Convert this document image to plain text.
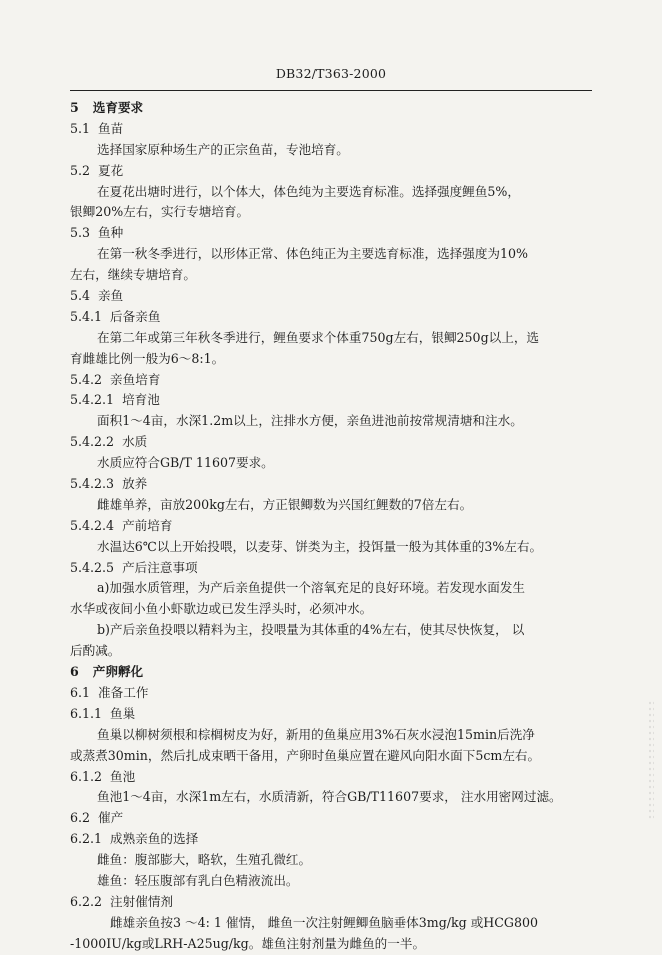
DB32/T363-2000
5 选育要求
5.1 鱼苗
选择国家原种场生产的正宗鱼苗，专池培育。
5.2 夏花
在夏花出塘时进行，以个体大，体色纯为主要选育标准。选择强度鲤鱼5%，
银鲫20%左右，实行专塘培育。
5.3 鱼种
在第一秋冬季进行，以形体正常、体色纯正为主要选育标准，选择强度为10%
左右，继续专塘培育。
5.4 亲鱼
5.4.1 后备亲鱼
在第二年或第三年秋冬季进行，鲤鱼要求个体重750g左右，银鲫250g以上，选
育雌雄比例一般为6～8:1。
5.4.2 亲鱼培育
5.4.2.1 培育池
面积1～4亩，水深1.2m以上，注排水方便，亲鱼进池前按常规清塘和注水。
5.4.2.2 水质
水质应符合GB/T 11607要求。
5.4.2.3 放养
雌雄单养，亩放200kg左右，方正银鲫数为兴国红鲤数的7倍左右。
5.4.2.4 产前培育
水温达6℃以上开始投喂，以麦芽、饼类为主，投饵量一般为其体重的3%左右。
5.4.2.5 产后注意事项
a)加强水质管理，为产后亲鱼提供一个溶氧充足的良好环境。若发现水面发生
水华或夜间小鱼小虾歇边或已发生浮头时，必须冲水。
b)产后亲鱼投喂以精料为主，投喂量为其体重的4%左右，使其尽快恢复， 以
后酌减。
6 产卵孵化
6.1 准备工作
6.1.1 鱼巢
鱼巢以柳树须根和棕榈树皮为好，新用的鱼巢应用3%石灰水浸泡15min后洗净
或蒸煮30min，然后扎成束晒干备用，产卵时鱼巢应置在避风向阳水面下5cm左右。
6.1.2 鱼池
鱼池1～4亩，水深1m左右，水质清新，符合GB/T11607要求， 注水用密网过滤。
6.2 催产
6.2.1 成熟亲鱼的选择
雌鱼：腹部膨大，略软，生殖孔微红。
雄鱼：轻压腹部有乳白色精液流出。
6.2.2 注射催情剂
雌雄亲鱼按3 ～4: 1 催情， 雌鱼一次注射鲤鲫鱼脑垂体3mg/kg 或HCG800
-1000IU/kg或LRH-A25ug/kg。雄鱼注射剂量为雌鱼的一半。
